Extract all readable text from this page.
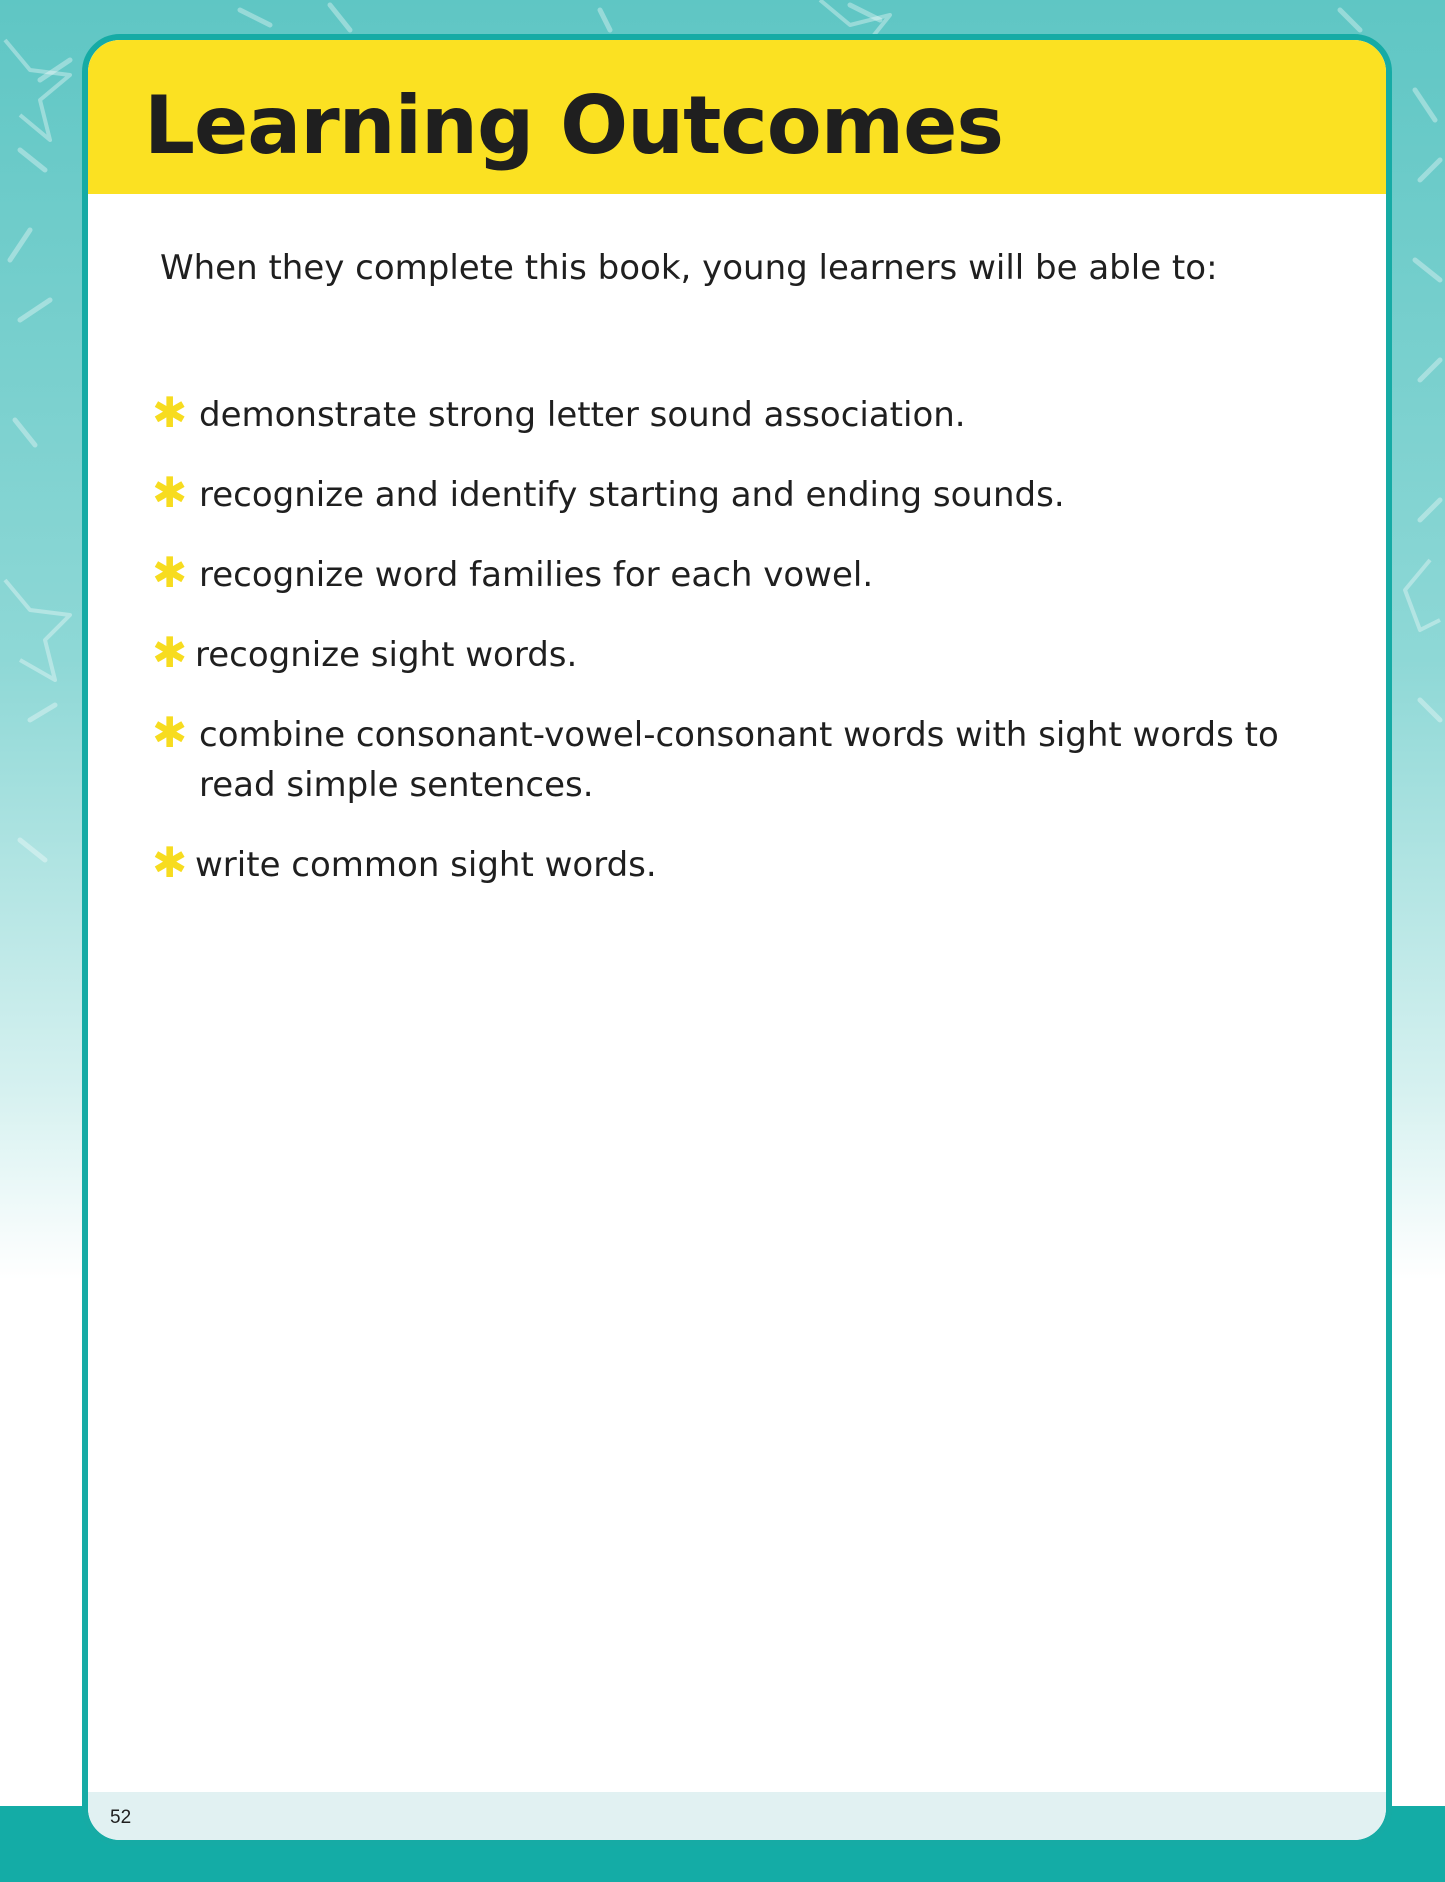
Learning Outcomes

When they complete this book, young learners will be able to:

✱ demonstrate strong letter sound association.
✱ recognize and identify starting and ending sounds.
✱ recognize word families for each vowel.
✱ recognize sight words.
✱ combine consonant-vowel-consonant words with sight words to read simple sentences.
✱ write common sight words.
52
